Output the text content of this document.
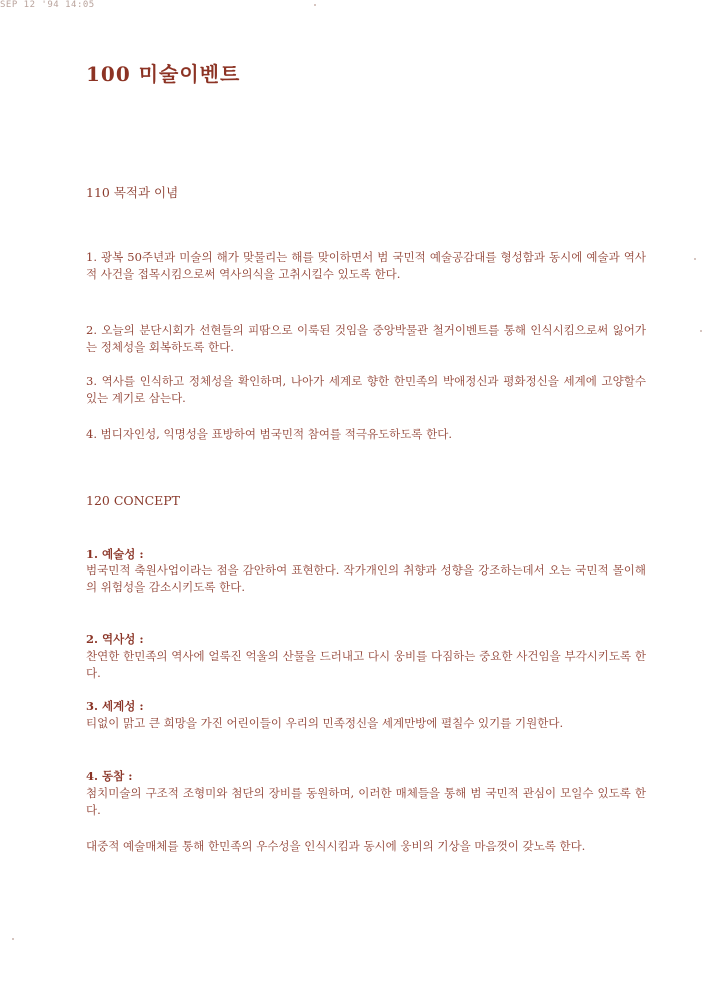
SEP 12 '94 14:05
100 미술이벤트
110 목적과 이념

1. 광복 50주년과 미술의 해가 맞물리는 해를 맞이하면서 범 국민적 예술공감대를 형성함과 동시에 예술과 역사적 사건을 접목시킴으로써 역사의식을 고취시킬수 있도록 한다.

2. 오늘의 분단시회가 선현들의 피땀으로 이룩된 것임을 중앙박물관 철거이벤트를 통해 인식시킴으로써 잃어가는 정체성을 회복하도록 한다.

3. 역사를 인식하고 정체성을 확인하며, 나아가 세계로 향한 한민족의 박애정신과 평화정신을 세계에 고양할수 있는 계기로 삼는다.

4. 범디자인성, 익명성을 표방하여 범국민적 참여를 적극유도하도록 한다.

120 CONCEPT
1. 예술성 :

범국민적 축원사업이라는 점을 감안하여 표현한다. 작가개인의 취향과 성향을 강조하는데서 오는 국민적 몰이해의 위험성을 감소시키도록 한다.

2. 역사성 :

찬연한 한민족의 역사에 얼룩진 억울의 산물을 드러내고 다시 웅비를 다짐하는 중요한 사건임을 부각시키도록 한다.

3. 세계성 :

티없이 맑고 큰 희망을 가진 어린이들이 우리의 민족정신을 세계만방에 펼칠수 있기를 기원한다.

4. 동참 :

첨치미술의 구조적 조형미와 첨단의 장비를 동원하며, 이러한 매체들을 통해 범 국민적 관심이 모일수 있도록 한다.

대중적 예술매체를 통해 한민족의 우수성을 인식시킴과 동시에 웅비의 기상을 마음껏이 갖노록 한다.
